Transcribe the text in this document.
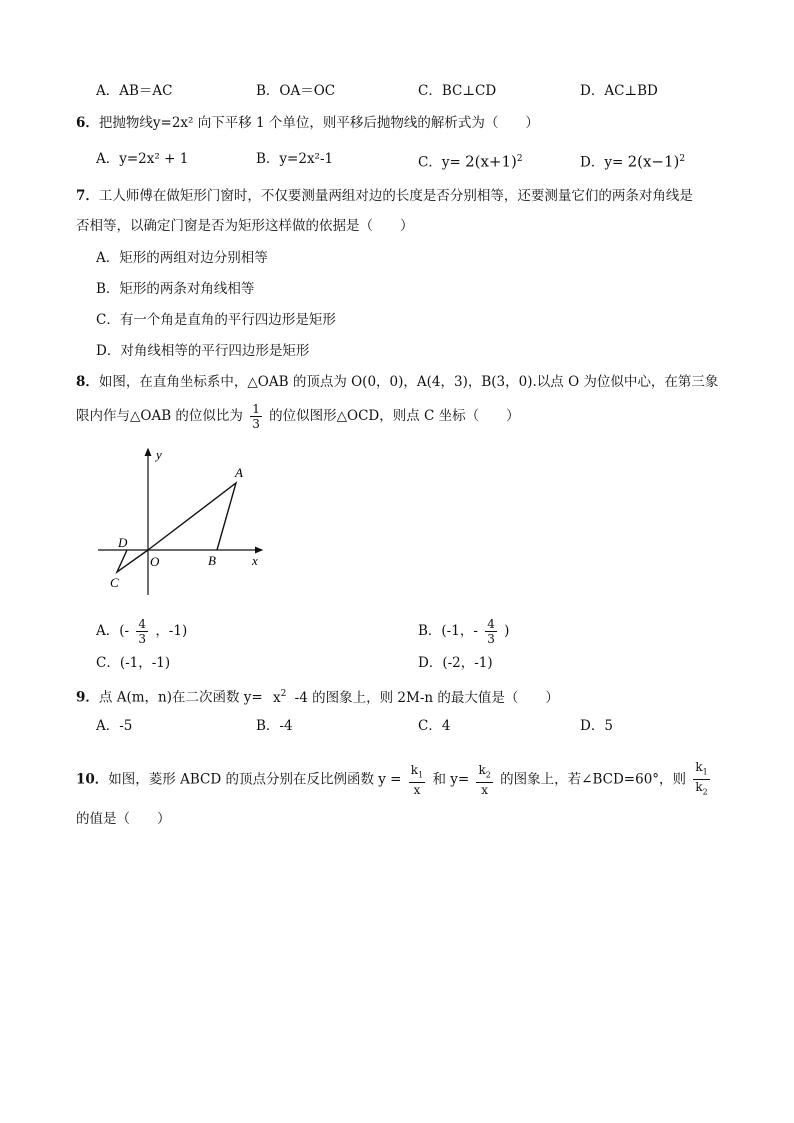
A．AB＝AC	B．OA＝OC	C．BC⊥CD	D．AC⊥BD
6．把抛物线y=2x² 向下平移 1 个单位，则平移后抛物线的解析式为（　　）
A．y=2x² + 1	B．y=2x²-1	C．$y= 2(x+1)^2$	D．$y= 2(x-1)^2$
7．工人师傅在做矩形门窗时，不仅要测量两组对边的长度是否分别相等，还要测量它们的两条对角线是
否相等，以确定门窗是否为矩形这样做的依据是（　　）
A．矩形的两组对边分别相等
B．矩形的两条对角线相等
C．有一个角是直角的平行四边形是矩形
D．对角线相等的平行四边形是矩形
8．如图，在直角坐标系中，△OAB 的顶点为 O(0，0)，A(4，3)，B(3，0).以点 O 为位似中心，在第三象
限内作与△OAB 的位似比为 $\frac{1}{3}$ 的位似图形△OCD，则点 C 坐标（　　）
y
x
A
B
O
D
C
A．(- $\frac{4}{3}$ ，-1)	B．(-1，- $\frac{4}{3}$ )
C．(-1，-1)	D．(-2，-1)
9．点 A(m，n)在二次函数 $y= x^2$ -4 的图象上，则 2M-n 的最大值是（　　）
A．-5	B．-4	C．4	D．5
10．如图，菱形 ABCD 的顶点分别在反比例函数 $y = \frac{k_1}{x}$ 和 $y= \frac{k_2}{x}$ 的图象上，若∠BCD=60°，则 $\frac{k_1}{k_2}$
的值是（　　）
